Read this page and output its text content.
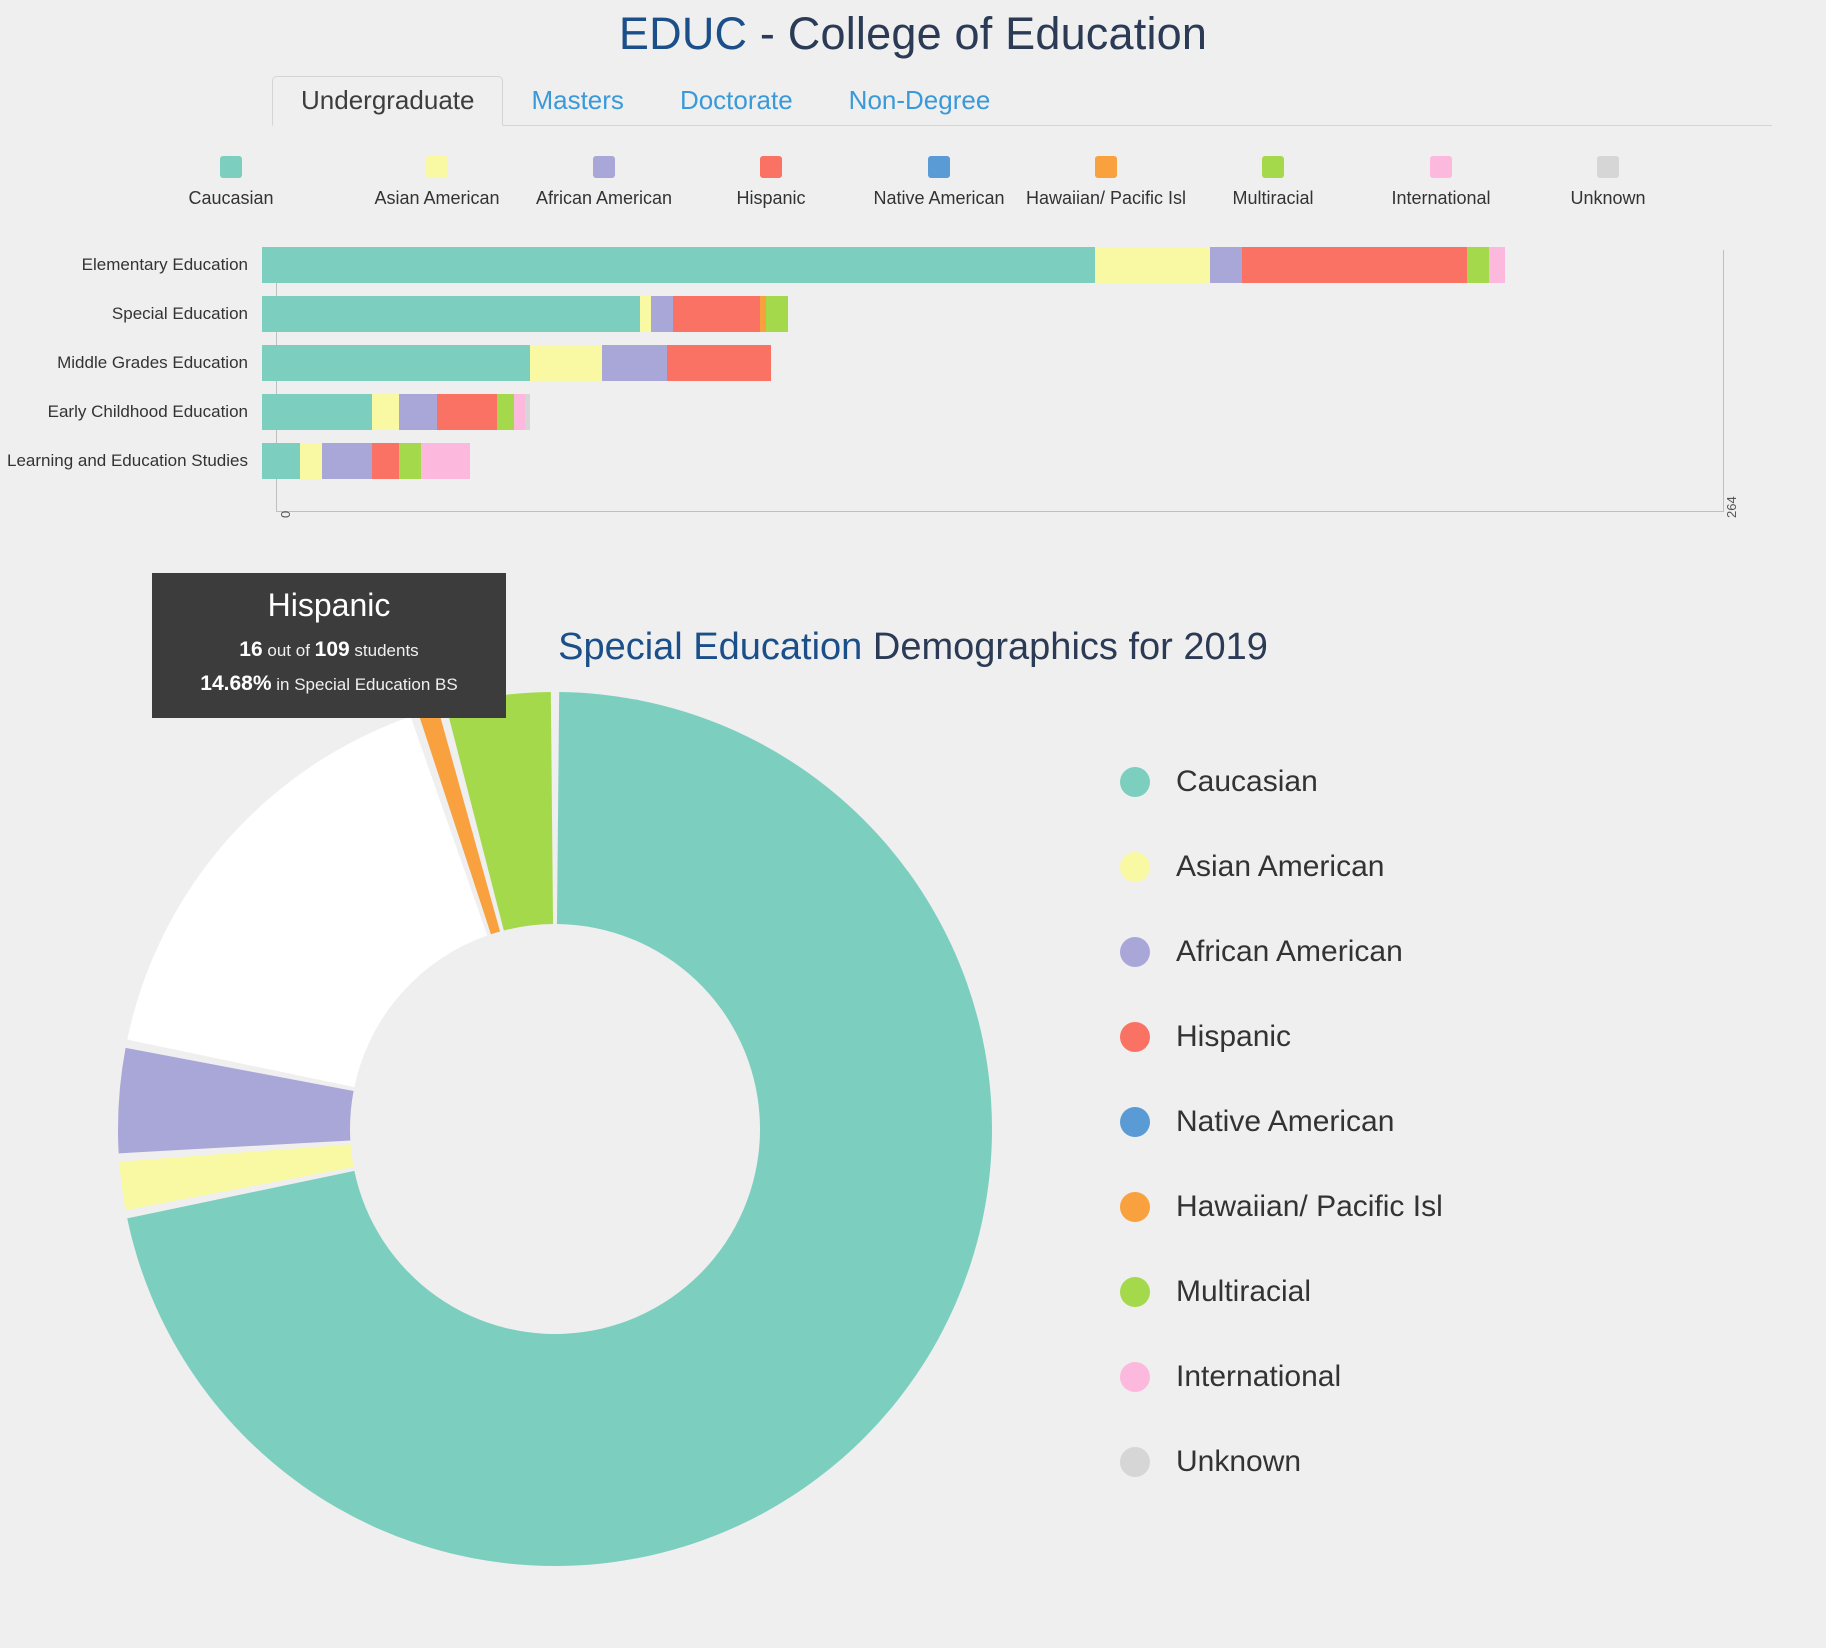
EDUC - College of Education
Undergraduate	Masters	Doctorate	Non-Degree
Caucasian	Asian American	African American	Hispanic	Native American	Hawaiian/ Pacific Isl	Multiracial	International	Unknown
Elementary Education
Special Education
Middle Grades Education
Early Childhood Education
Learning and Education Studies
0	264
Special Education Demographics for 2019
Caucasian
Asian American
African American
Hispanic
Native American
Hawaiian/ Pacific Isl
Multiracial
International
Unknown
Hispanic
16 out of 109 students
14.68% in Special Education BS
